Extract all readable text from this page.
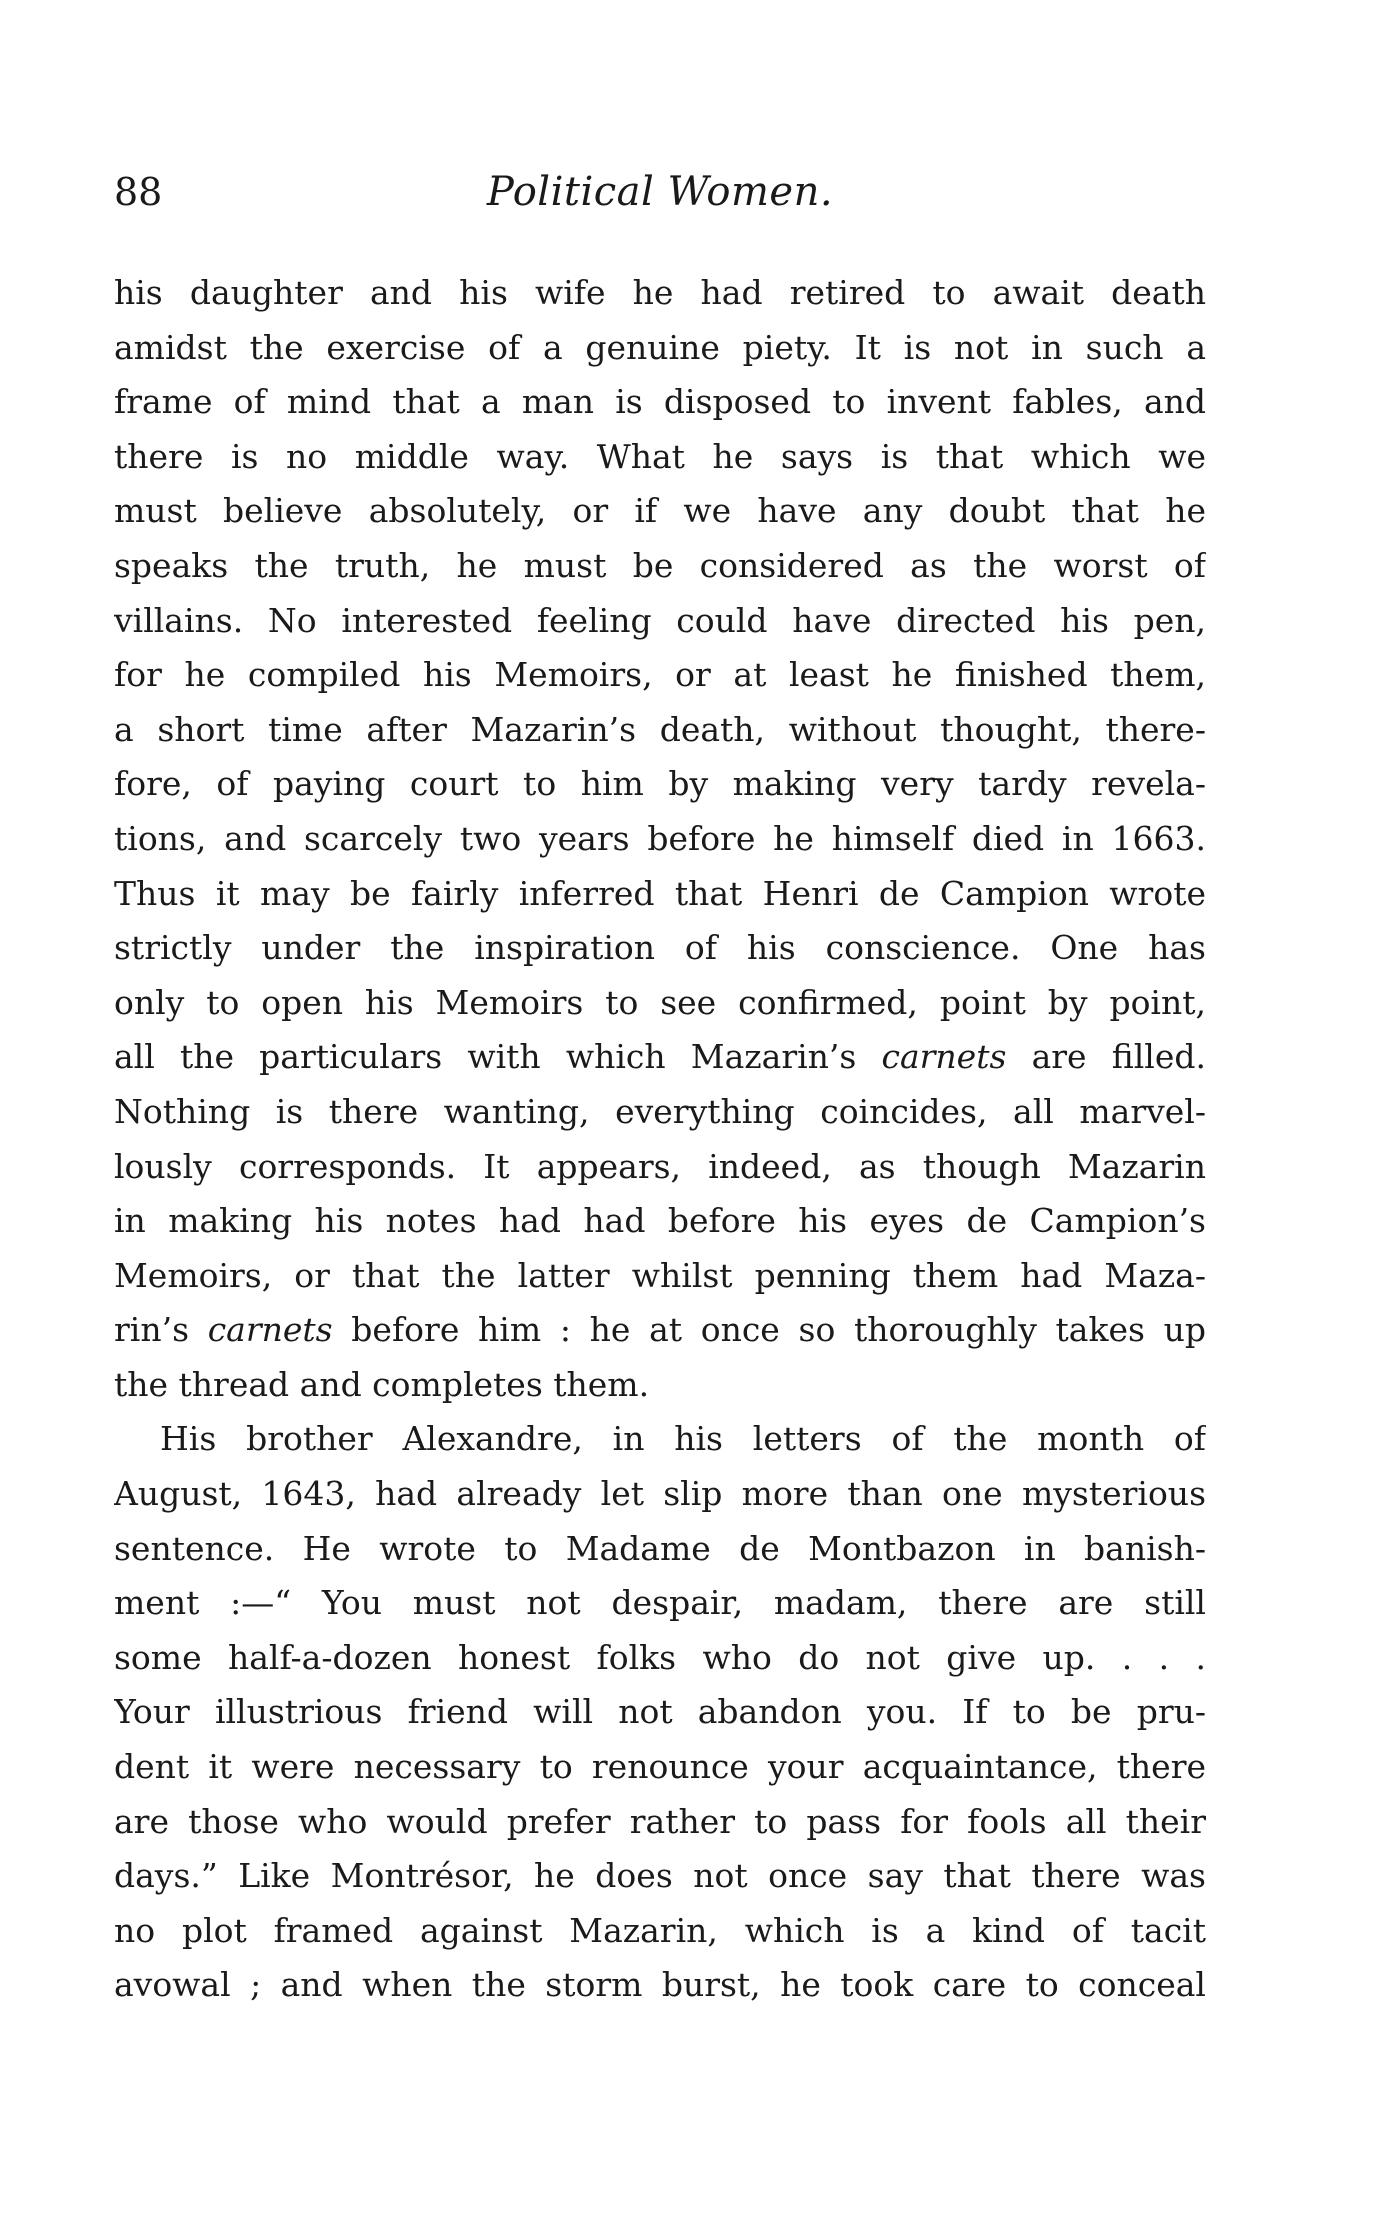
88	Political Women.
his daughter and his wife he had retired to await death
amidst the exercise of a genuine piety. It is not in such a
frame of mind that a man is disposed to invent fables, and
there is no middle way. What he says is that which we
must believe absolutely, or if we have any doubt that he
speaks the truth, he must be considered as the worst of
villains. No interested feeling could have directed his pen,
for he compiled his Memoirs, or at least he finished them,
a short time after Mazarin’s death, without thought, there-
fore, of paying court to him by making very tardy revela-
tions, and scarcely two years before he himself died in 1663.
Thus it may be fairly inferred that Henri de Campion wrote
strictly under the inspiration of his conscience. One has
only to open his Memoirs to see confirmed, point by point,
all the particulars with which Mazarin’s carnets are filled.
Nothing is there wanting, everything coincides, all marvel-
lously corresponds. It appears, indeed, as though Mazarin
in making his notes had had before his eyes de Campion’s
Memoirs, or that the latter whilst penning them had Maza-
rin’s carnets before him : he at once so thoroughly takes up
the thread and completes them.
His brother Alexandre, in his letters of the month of
August, 1643, had already let slip more than one mysterious
sentence. He wrote to Madame de Montbazon in banish-
ment :—“ You must not despair, madam, there are still
some half-a-dozen honest folks who do not give up. . . .
Your illustrious friend will not abandon you. If to be pru-
dent it were necessary to renounce your acquaintance, there
are those who would prefer rather to pass for fools all their
days.” Like Montrésor, he does not once say that there was
no plot framed against Mazarin, which is a kind of tacit
avowal ; and when the storm burst, he took care to conceal
